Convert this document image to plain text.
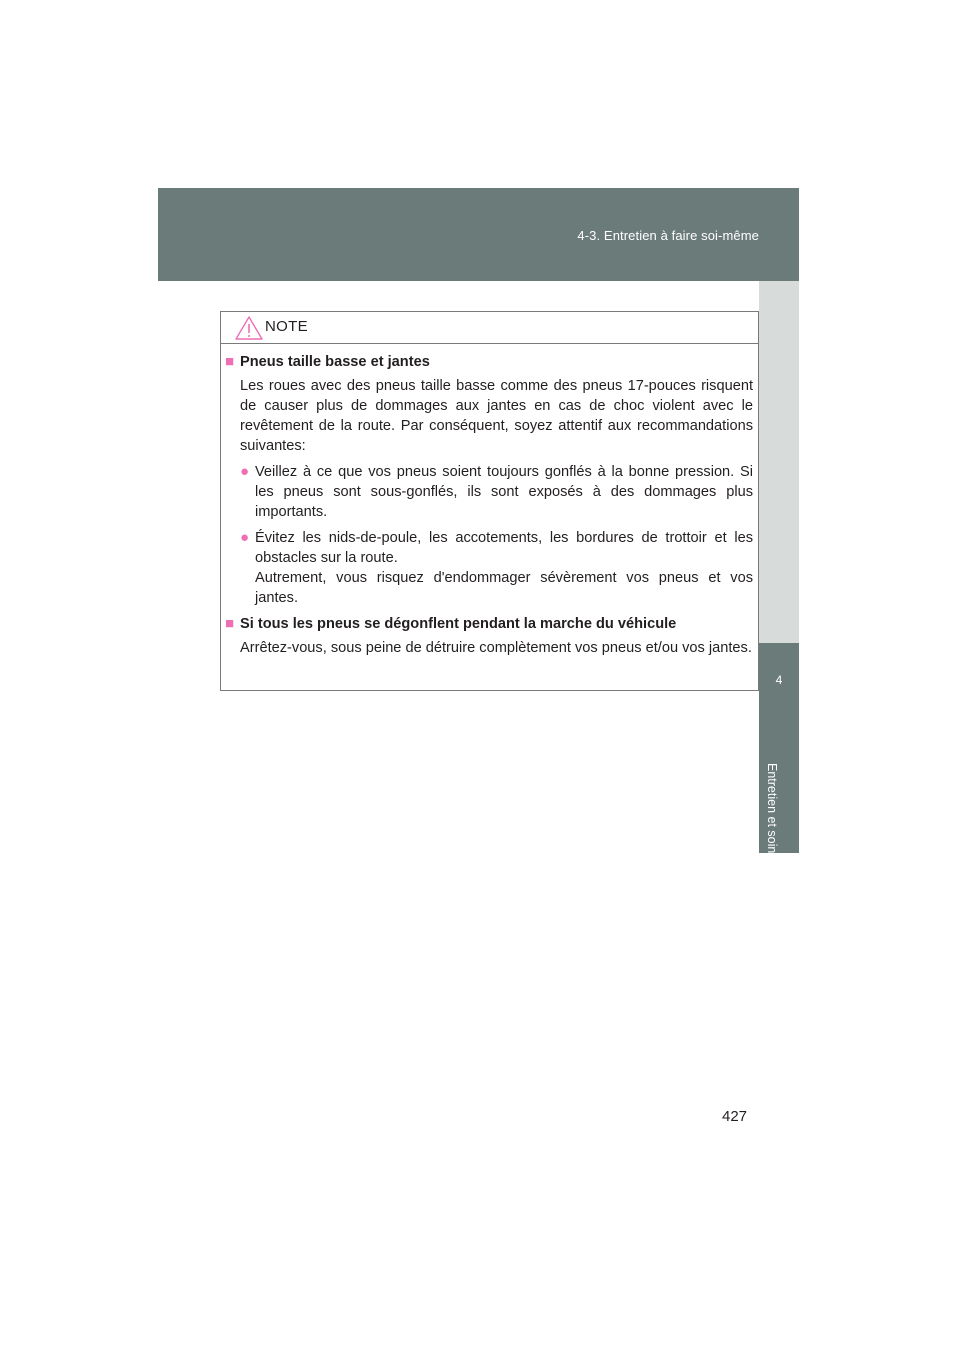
4-3. Entretien à faire soi-même
4
Entretien et soin
NOTE
■ Pneus taille basse et jantes
Les roues avec des pneus taille basse comme des pneus 17-pouces risquent de causer plus de dommages aux jantes en cas de choc violent avec le revêtement de la route. Par conséquent, soyez attentif aux recommandations suivantes:
● Veillez à ce que vos pneus soient toujours gonflés à la bonne pression. Si les pneus sont sous-gonflés, ils sont exposés à des dommages plus importants.
● Évitez les nids-de-poule, les accotements, les bordures de trottoir et les obstacles sur la route.
Autrement, vous risquez d'endommager sévèrement vos pneus et vos jantes.
■ Si tous les pneus se dégonflent pendant la marche du véhicule
Arrêtez-vous, sous peine de détruire complètement vos pneus et/ou vos jantes.
427
